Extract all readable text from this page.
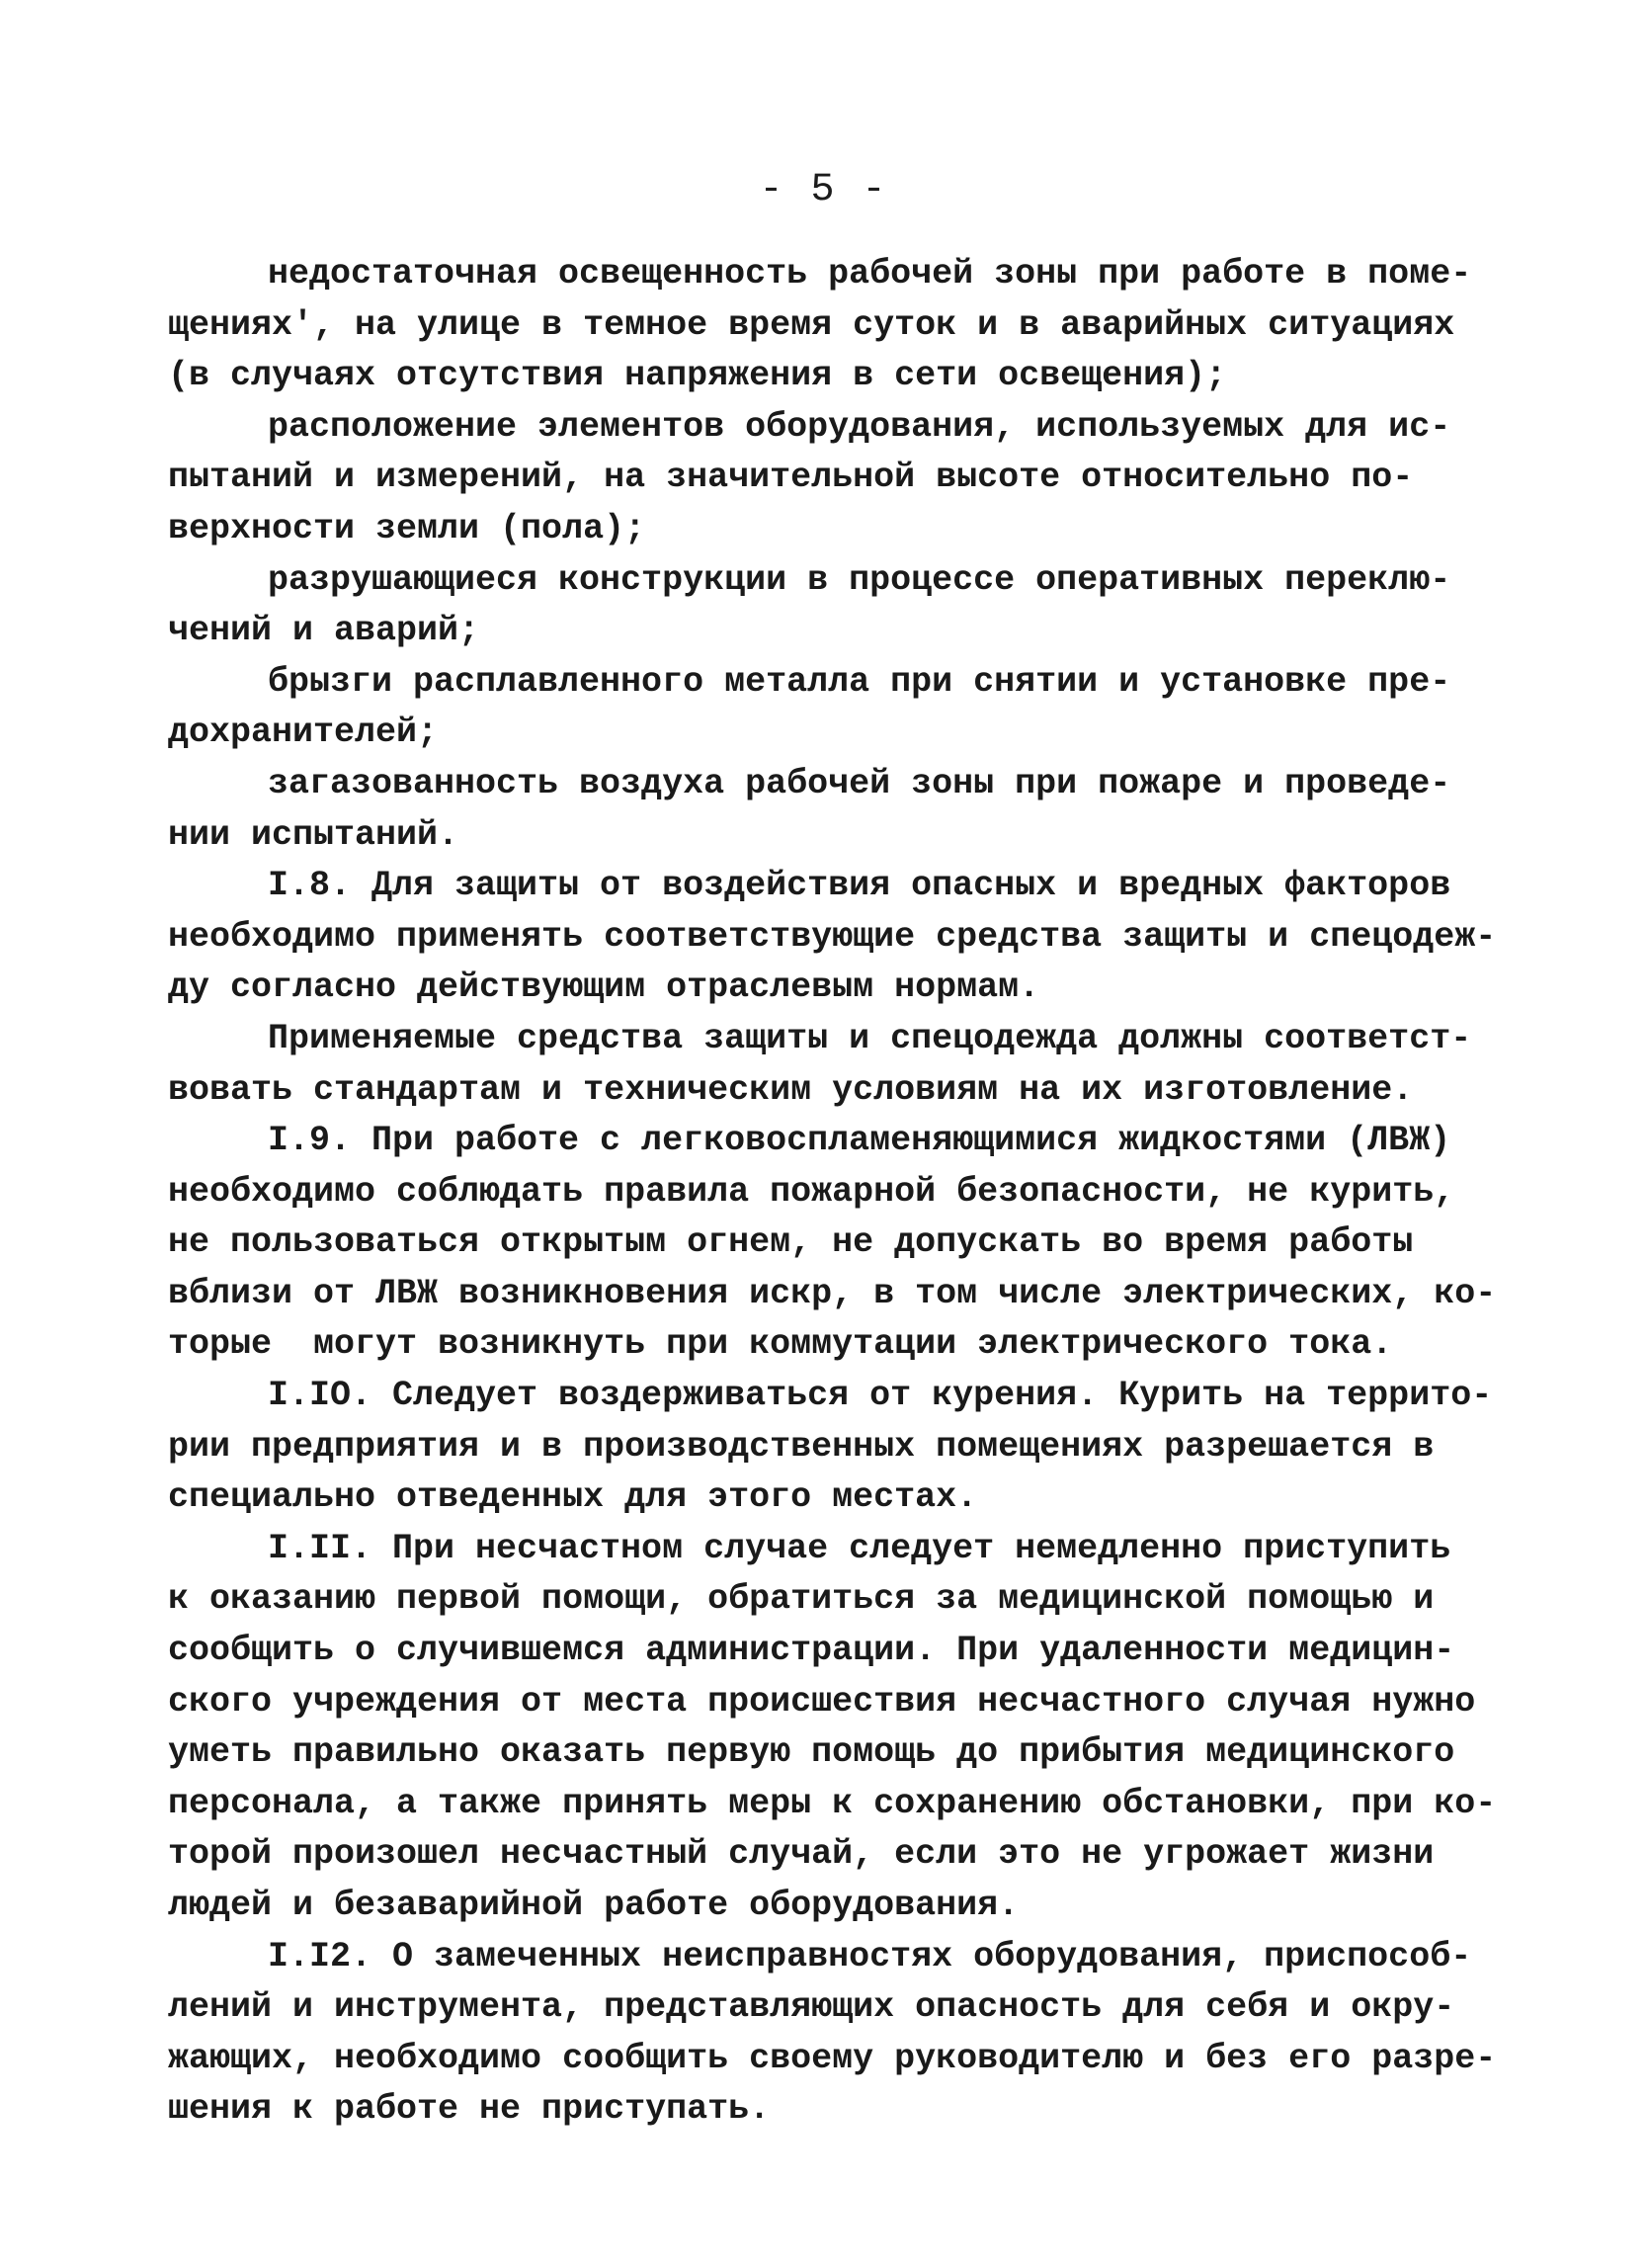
- 5 -
недостаточная освещенность рабочей зоны при работе в поме-
щениях', на улице в темное время суток и в аварийных ситуациях
(в случаях отсутствия напряжения в сети освещения);
расположение элементов оборудования, используемых для ис-
пытаний и измерений, на значительной высоте относительно по-
верхности земли (пола);
разрушающиеся конструкции в процессе оперативных переклю-
чений и аварий;
брызги расплавленного металла при снятии и установке пре-
дохранителей;
загазованность воздуха рабочей зоны при пожаре и проведе-
нии испытаний.
I.8. Для защиты от воздействия опасных и вредных факторов
необходимо применять соответствующие средства защиты и спецодеж-
ду согласно действующим отраслевым нормам.
Применяемые средства защиты и спецодежда должны соответст-
вовать стандартам и техническим условиям на их изготовление.
I.9. При работе с легковоспламеняющимися жидкостями (ЛВЖ)
необходимо соблюдать правила пожарной безопасности, не курить,
не пользоваться открытым огнем, не допускать во время работы
вблизи от ЛВЖ возникновения искр, в том числе электрических, ко-
торые  могут возникнуть при коммутации электрического тока.
I.IO. Следует воздерживаться от курения. Курить на террито-
рии предприятия и в производственных помещениях разрешается в
специально отведенных для этого местах.
I.II. При несчастном случае следует немедленно приступить
к оказанию первой помощи, обратиться за медицинской помощью и
сообщить о случившемся администрации. При удаленности медицин-
ского учреждения от места происшествия несчастного случая нужно
уметь правильно оказать первую помощь до прибытия медицинского
персонала, а также принять меры к сохранению обстановки, при ко-
торой произошел несчастный случай, если это не угрожает жизни
людей и безаварийной работе оборудования.
I.I2. О замеченных неисправностях оборудования, приспособ-
лений и инструмента, представляющих опасность для себя и окру-
жающих, необходимо сообщить своему руководителю и без его разре-
шения к работе не приступать.
